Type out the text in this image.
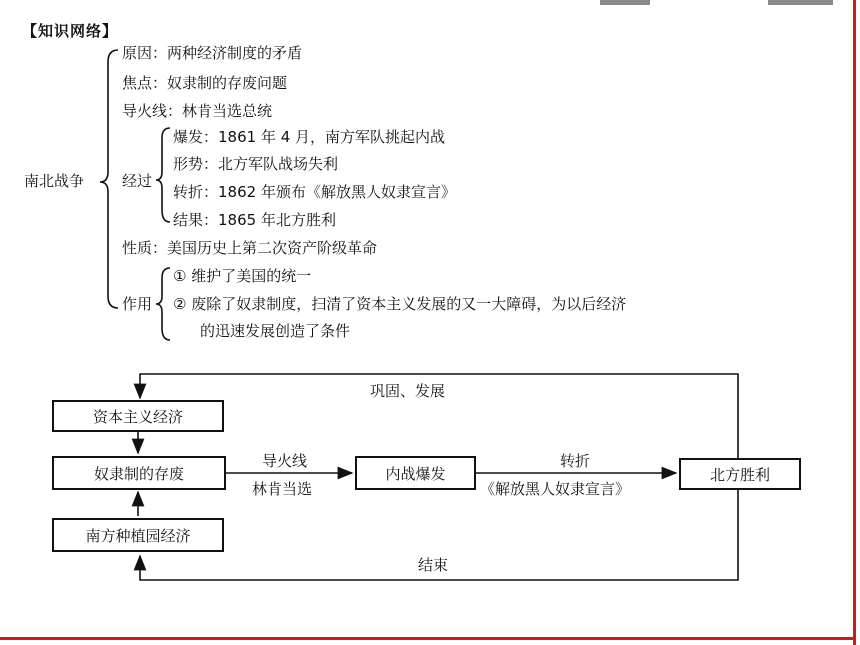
【知识网络】
南北战争
原因：两种经济制度的矛盾
焦点：奴隶制的存废问题
导火线：林肯当选总统
经过
爆发：1861 年 4 月，南方军队挑起内战
形势：北方军队战场失利
转折：1862 年颁布《解放黑人奴隶宣言》
结果：1865 年北方胜利
性质：美国历史上第二次资产阶级革命
作用
① 维护了美国的统一
② 废除了奴隶制度，扫清了资本主义发展的又一大障碍，为以后经济
的迅速发展创造了条件
资本主义经济
奴隶制的存废
南方种植园经济
内战爆发	北方胜利
巩固、发展
导火线
林肯当选
转折
《解放黑人奴隶宣言》
结束
